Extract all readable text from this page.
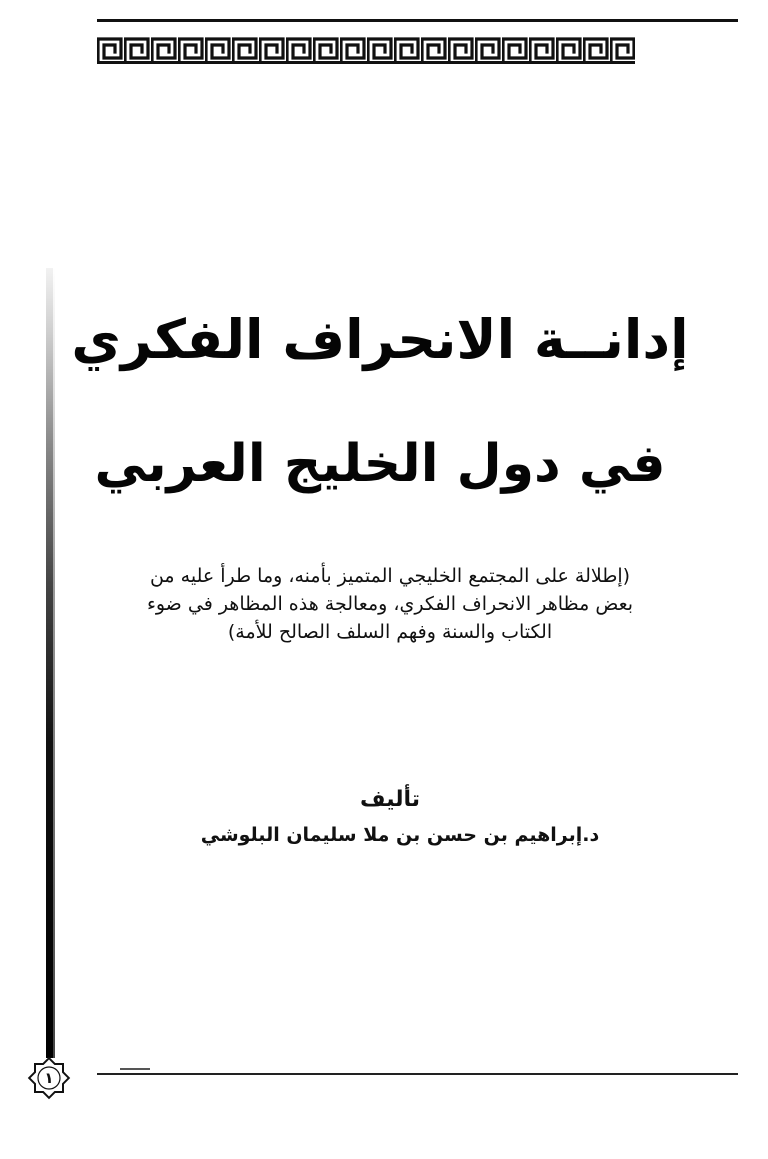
إدانــة الانحراف الفكري
في دول الخليج العربي
(إطلالة على المجتمع الخليجي المتميز بأمنه، وما طرأ عليه من
بعض مظاهر الانحراف الفكري، ومعالجة هذه المظاهر في ضوء
الكتاب والسنة وفهم السلف الصالح للأمة)
تأليف
د.إبراهيم بن حسن بن ملا سليمان البلوشي
١
